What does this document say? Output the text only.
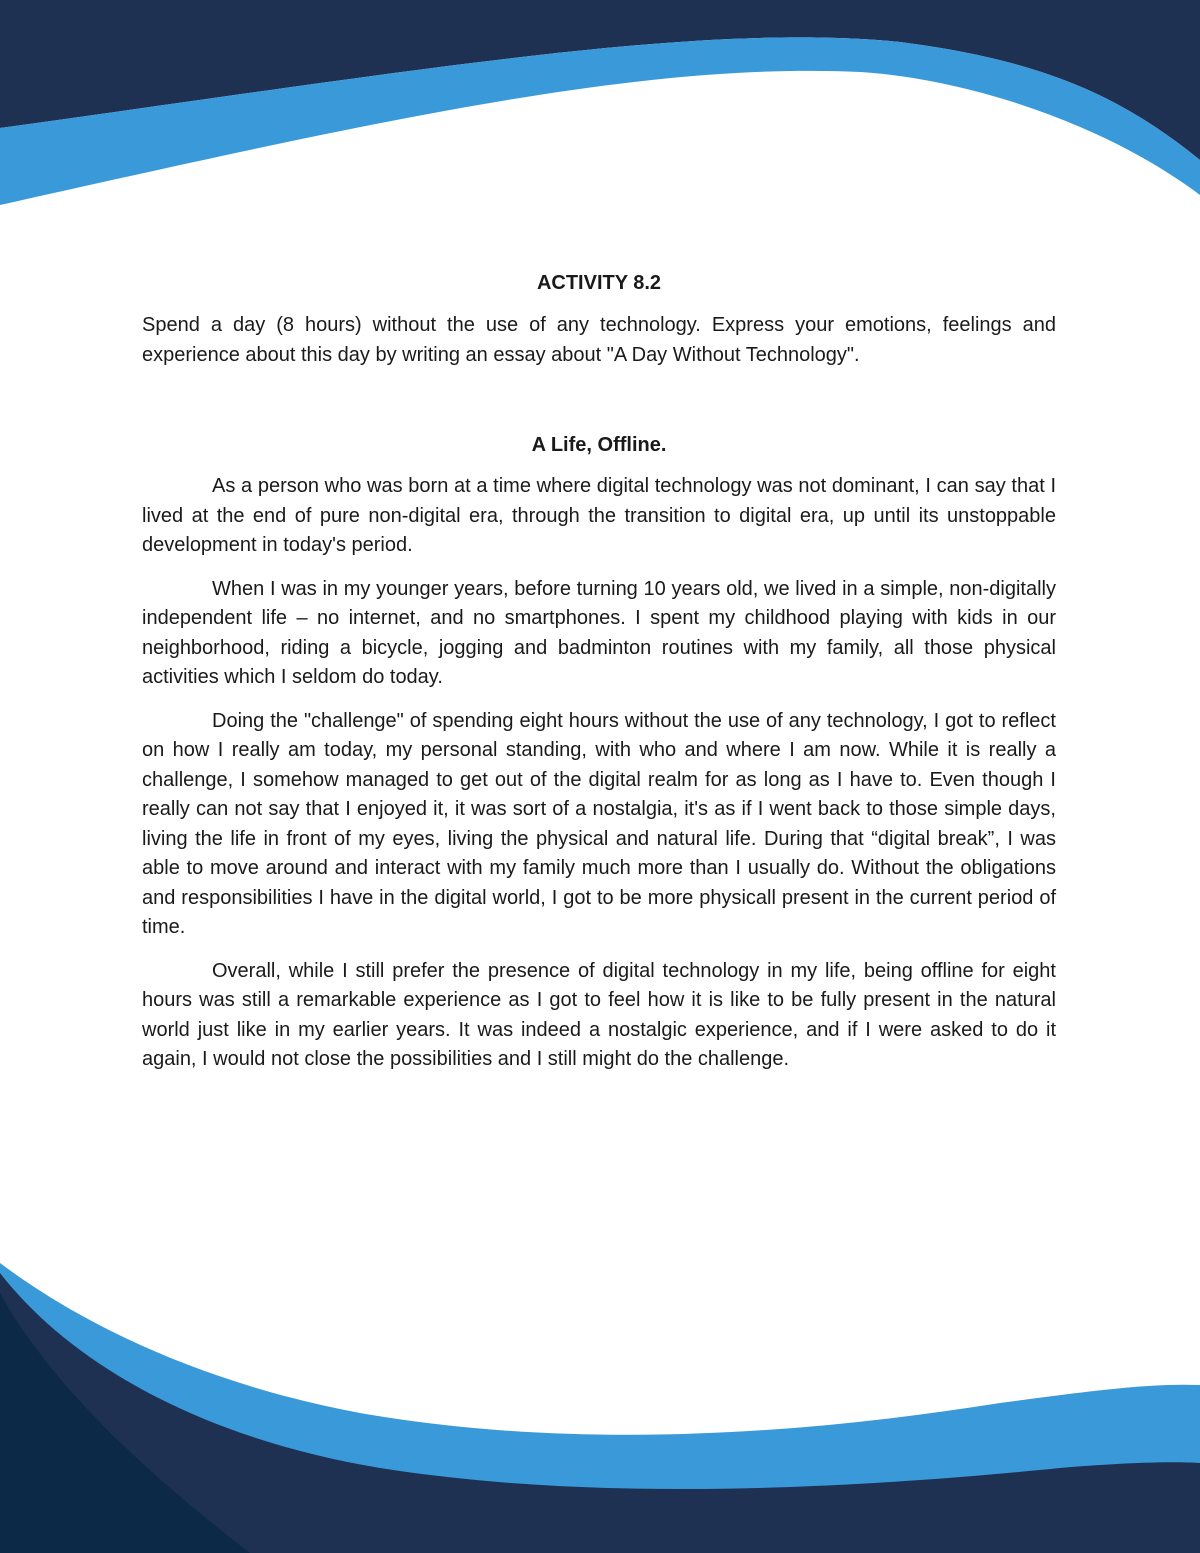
ACTIVITY 8.2

Spend a day (8 hours) without the use of any technology. Express your emotions, feelings and experience about this day by writing an essay about "A Day Without Technology".

A Life, Offline.

As a person who was born at a time where digital technology was not dominant, I can say that I lived at the end of pure non-digital era, through the transition to digital era, up until its unstoppable development in today's period.

When I was in my younger years, before turning 10 years old, we lived in a simple, non-digitally independent life – no internet, and no smartphones. I spent my childhood playing with kids in our neighborhood, riding a bicycle, jogging and badminton routines with my family, all those physical activities which I seldom do today.

Doing the "challenge" of spending eight hours without the use of any technology, I got to reflect on how I really am today, my personal standing, with who and where I am now. While it is really a challenge, I somehow managed to get out of the digital realm for as long as I have to. Even though I really can not say that I enjoyed it, it was sort of a nostalgia, it's as if I went back to those simple days, living the life in front of my eyes, living the physical and natural life. During that “digital break”, I was able to move around and interact with my family much more than I usually do. Without the obligations and responsibilities I have in the digital world, I got to be more physicall present in the current period of time.

Overall, while I still prefer the presence of digital technology in my life, being offline for eight hours was still a remarkable experience as I got to feel how it is like to be fully present in the natural world just like in my earlier years. It was indeed a nostalgic experience, and if I were asked to do it again, I would not close the possibilities and I still might do the challenge.
